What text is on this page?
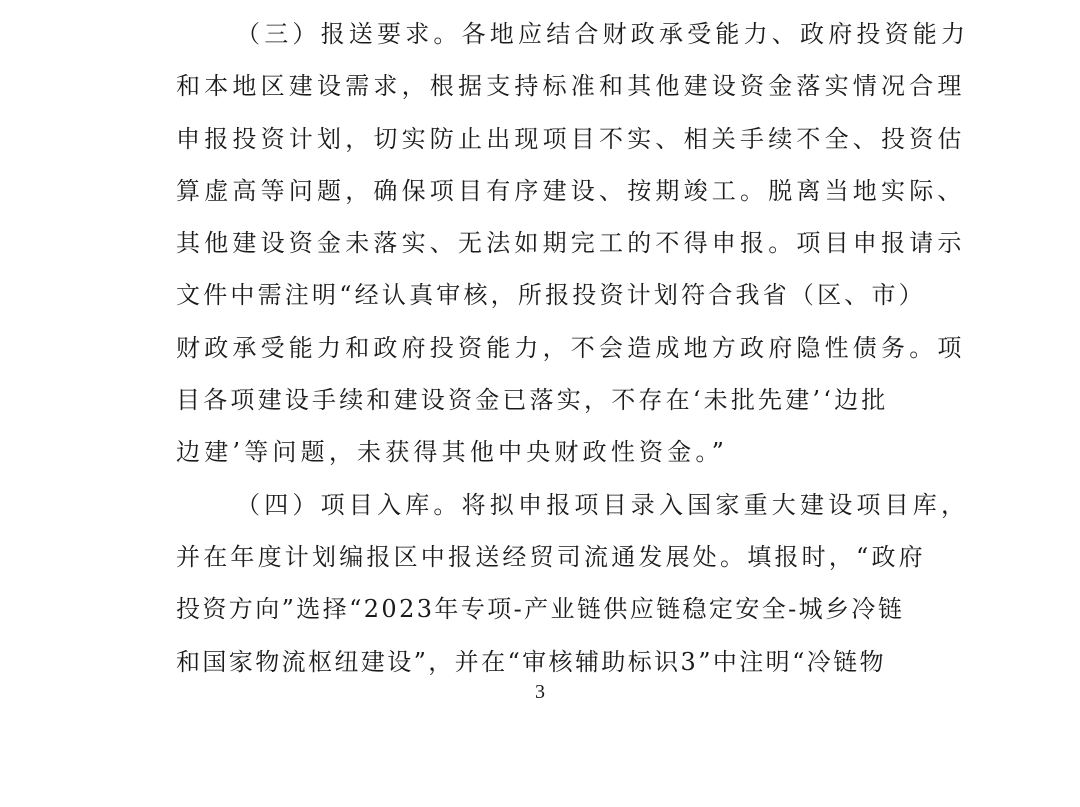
（三）报送要求。各地应结合财政承受能力、政府投资能力
和本地区建设需求，根据支持标准和其他建设资金落实情况合理
申报投资计划，切实防止出现项目不实、相关手续不全、投资估
算虚高等问题，确保项目有序建设、按期竣工。脱离当地实际、
其他建设资金未落实、无法如期完工的不得申报。项目申报请示
文件中需注明“经认真审核，所报投资计划符合我省（区、市）
财政承受能力和政府投资能力，不会造成地方政府隐性债务。项
目各项建设手续和建设资金已落实，不存在‘未批先建’‘边批
边建’等问题，未获得其他中央财政性资金。”
（四）项目入库。将拟申报项目录入国家重大建设项目库，
并在年度计划编报区中报送经贸司流通发展处。填报时，“政府
投资方向”选择“2023年专项-产业链供应链稳定安全-城乡冷链
和国家物流枢纽建设”，并在“审核辅助标识3”中注明“冷链物
3
